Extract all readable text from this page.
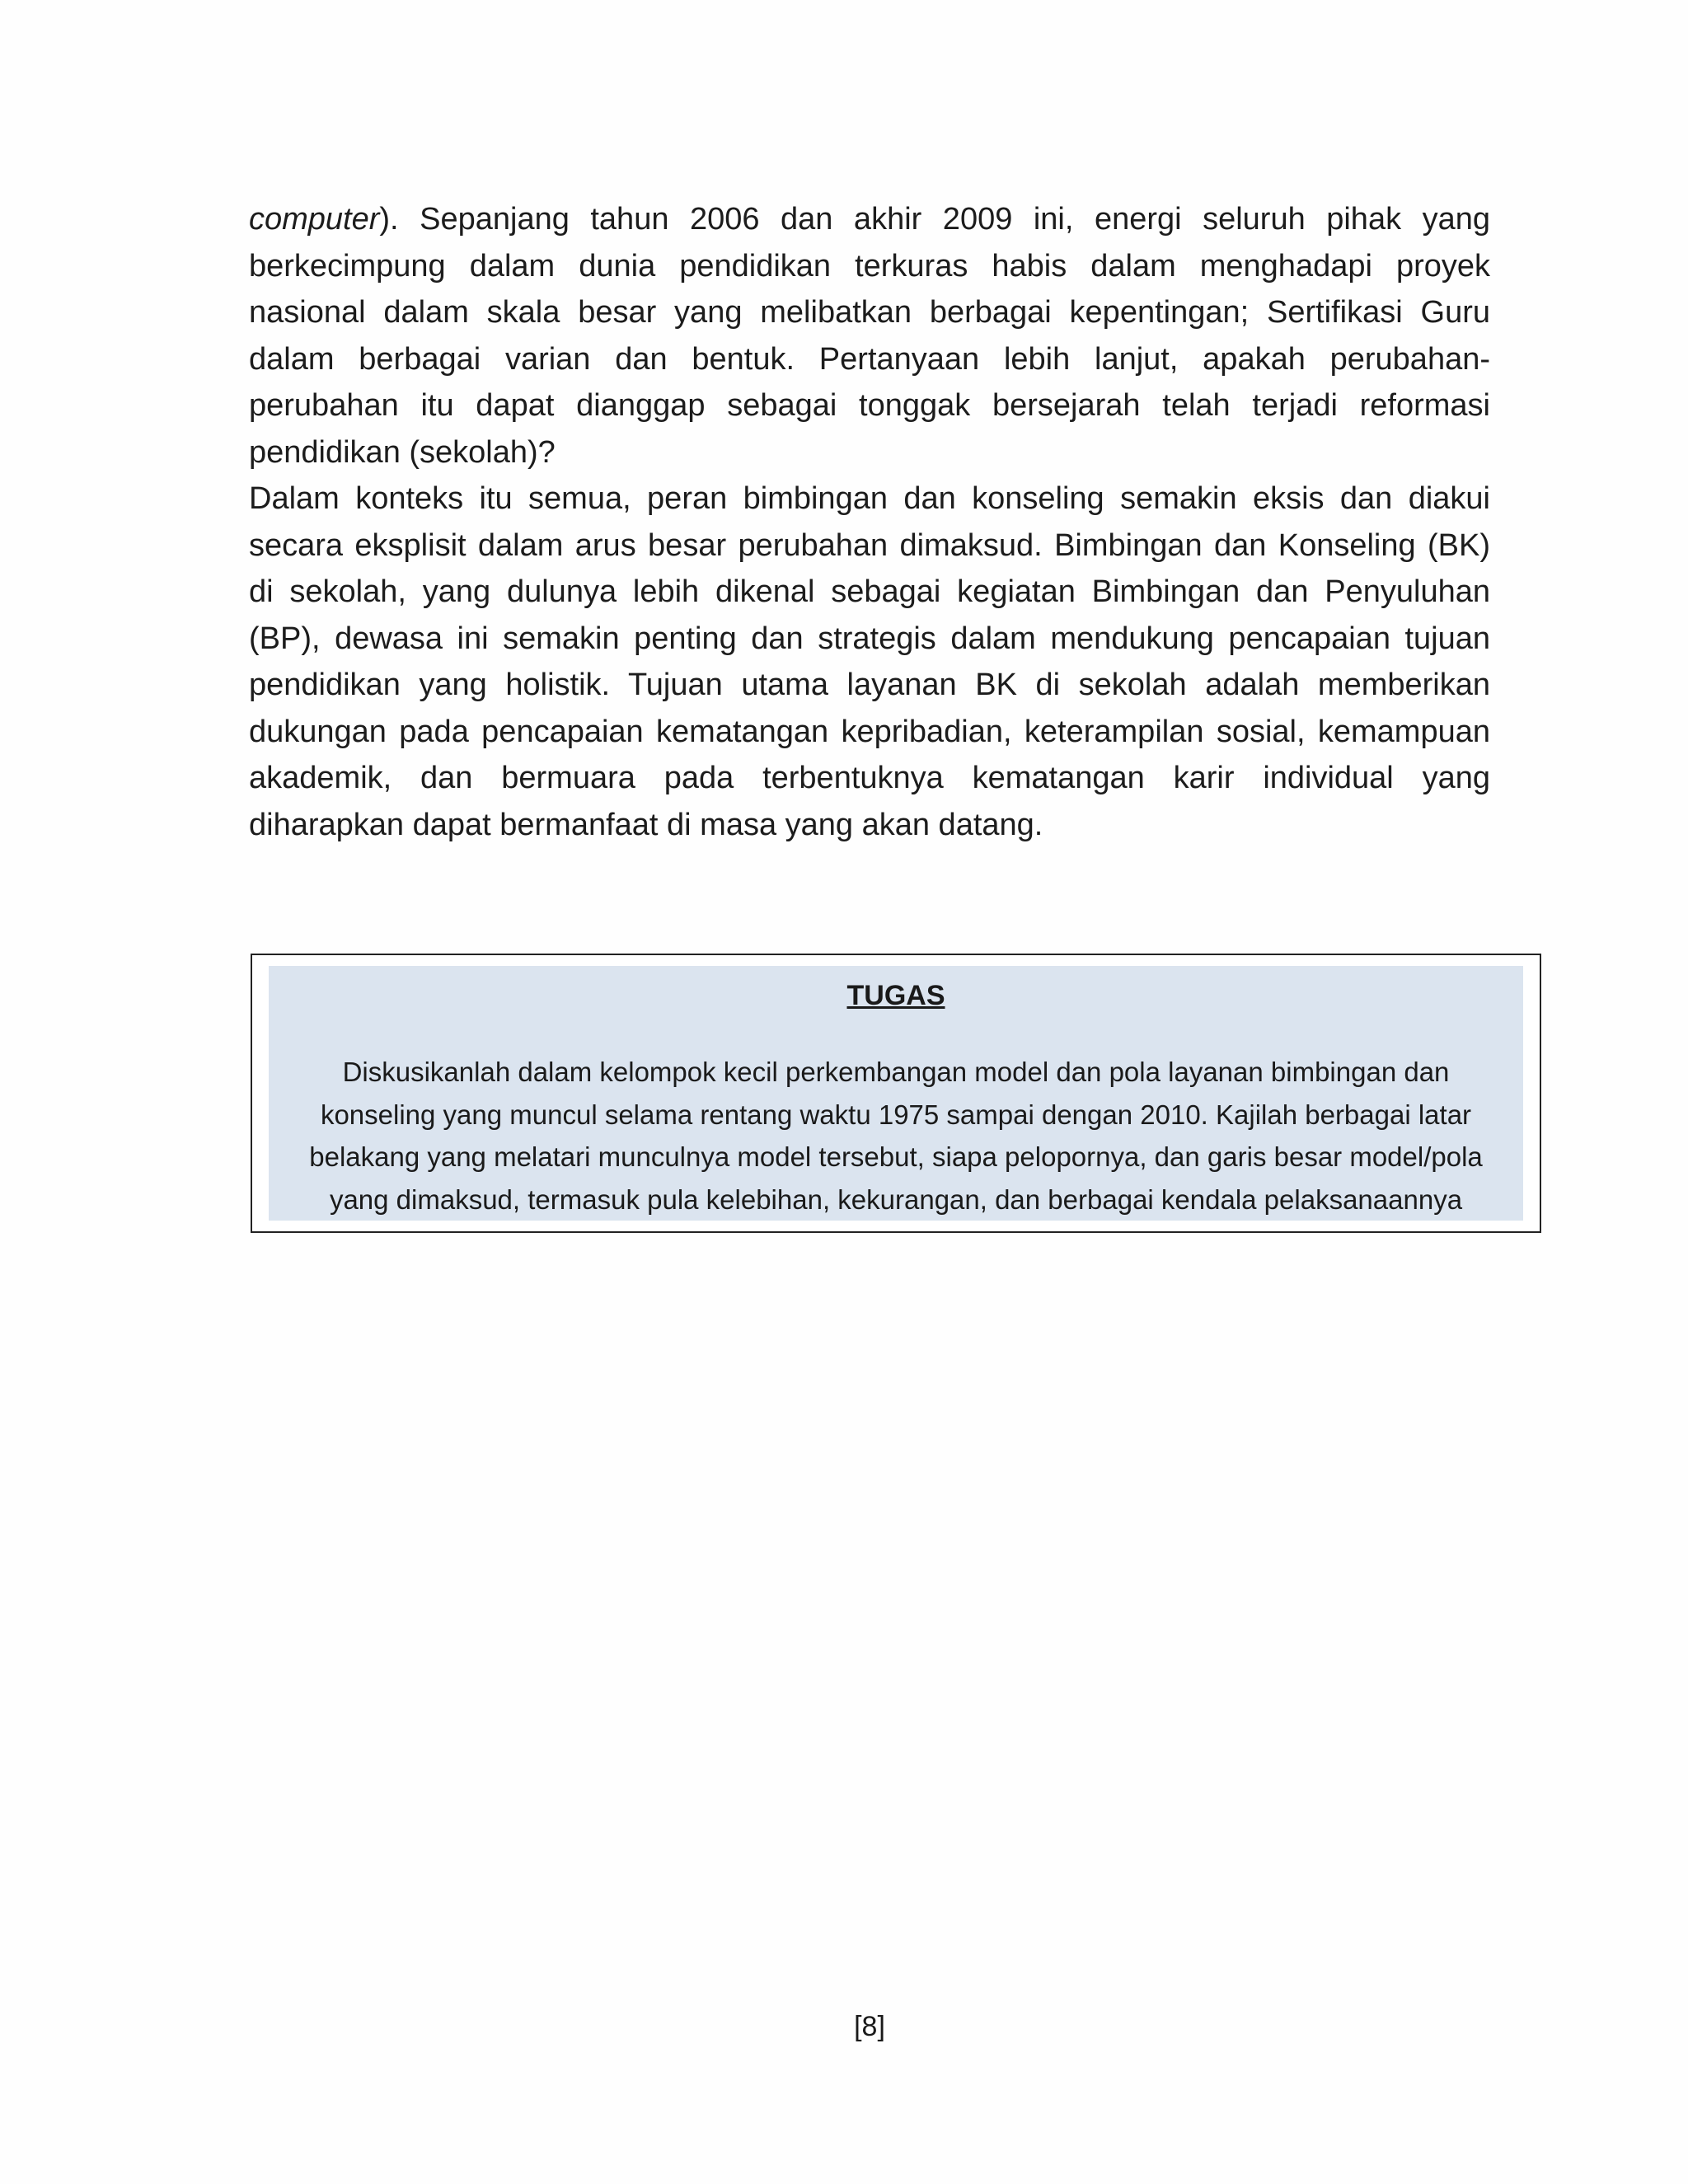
computer). Sepanjang tahun 2006 dan akhir 2009 ini, energi seluruh pihak yang berkecimpung dalam dunia pendidikan terkuras habis dalam menghadapi proyek nasional dalam skala besar yang melibatkan berbagai kepentingan; Sertifikasi Guru dalam berbagai varian dan bentuk. Pertanyaan lebih lanjut, apakah perubahan-perubahan itu dapat dianggap sebagai tonggak bersejarah telah terjadi reformasi pendidikan (sekolah)?

Dalam konteks itu semua, peran bimbingan dan konseling semakin eksis dan diakui secara eksplisit dalam arus besar perubahan dimaksud. Bimbingan dan Konseling (BK) di sekolah, yang dulunya lebih dikenal sebagai kegiatan Bimbingan dan Penyuluhan (BP), dewasa ini semakin penting dan strategis dalam mendukung pencapaian tujuan pendidikan yang holistik. Tujuan utama layanan BK di sekolah adalah memberikan dukungan pada pencapaian kematangan kepribadian, keterampilan sosial, kemampuan akademik, dan bermuara pada terbentuknya kematangan karir individual yang diharapkan dapat bermanfaat di masa yang akan datang.

TUGAS

Diskusikanlah dalam kelompok kecil perkembangan model dan pola layanan bimbingan dan konseling yang muncul selama rentang waktu 1975 sampai dengan 2010. Kajilah berbagai latar belakang yang melatari munculnya model tersebut, siapa pelopornya, dan garis besar model/pola yang dimaksud, termasuk pula kelebihan, kekurangan, dan berbagai kendala pelaksanaannya

[8]
